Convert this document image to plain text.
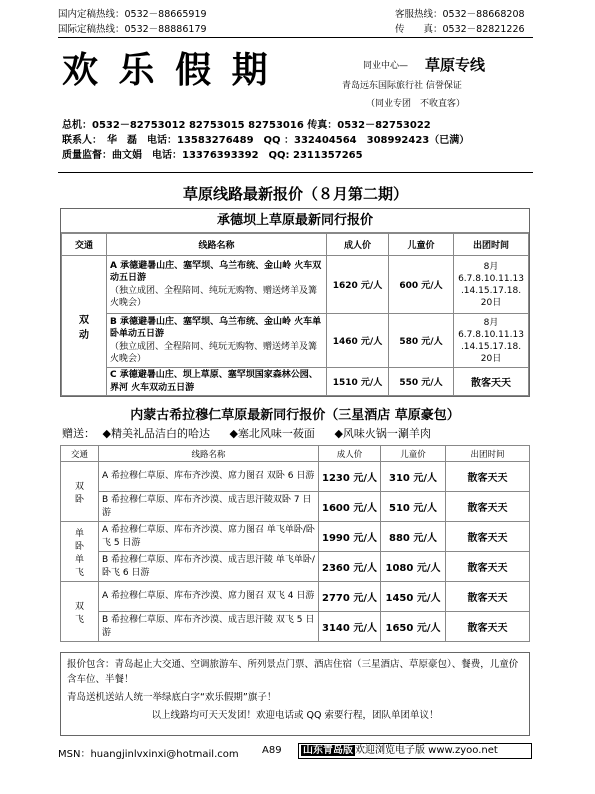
国内定稿热线：0532－88665919
国际定稿热线：0532－88886179
客服热线：0532－88668208
传　　真：0532－82821226
欢 乐 假 期	同业中心— 草原专线
青岛远东国际旅行社 信誉保证
（同业专团　不收直客）
总机：0532－82753012 82753015 82753016 传真：0532－82753022
联系人：　华　磊　电话：13583276489　QQ ：332404564　308992423（已满）
质量监督：曲文娟　电话：13376393392　QQ: 2311357265
草原线路最新报价（８月第二期）
承德坝上草原最新同行报价
交通	线路名称	成人价	儿童价	出团时间
双　动	A 承德避暑山庄、塞罕坝、乌兰布统、金山岭 火车双动五日游
（独立成团、全程陪同、纯玩无购物、赠送烤羊及篝火晚会）	1620 元/人	600 元/人	8月 6.7.8.10.11.13 .14.15.17.18. 20日

	B 承德避暑山庄、塞罕坝、乌兰布统、金山岭 火车单卧单动五日游
（独立成团、全程陪同、纯玩无购物、赠送烤羊及篝火晚会）	1460 元/人	580 元/人	8月 6.7.8.10.11.13 .14.15.17.18. 20日

	C 承德避暑山庄、坝上草原、塞罕坝国家森林公园、界河 火车双动五日游	1510 元/人	550 元/人	散客天天
内蒙古希拉穆仁草原最新同行报价（三星酒店 草原豪包）
赠送： ◆精美礼品洁白的哈达 ◆塞北风味一莜面 ◆风味火锅一涮羊肉
交通	线路名称	成人价	儿童价	出团时间
双卧	A 希拉穆仁草原、库布齐沙漠、席力图召 双卧 6 日游	1230 元/人	310 元/人	散客天天
	B 希拉穆仁草原、库布齐沙漠、成吉思汗陵双卧 7 日游	1600 元/人	510 元/人	散客天天
单卧单飞	A 希拉穆仁草原、库布齐沙漠、席力图召 单飞单卧/卧飞 5 日游	1990 元/人	880 元/人	散客天天
	B 希拉穆仁草原、库布齐沙漠、成吉思汗陵 单飞单卧/卧飞 6 日游	2360 元/人	1080 元/人	散客天天
双飞	A 希拉穆仁草原、库布齐沙漠、席力图召 双飞 4 日游	2770 元/人	1450 元/人	散客天天
	B 希拉穆仁草原、库布齐沙漠、成吉思汗陵 双飞 5 日游	3140 元/人	1650 元/人	散客天天
报价包含：青岛起止大交通、空调旅游车、所列景点门票、酒店住宿（三星酒店、草原豪包）、餐费，儿童价含车位、半餐！
青岛送机送站人统一举绿底白字“欢乐假期”旗子！
以上线路均可天天发团！欢迎电话或 QQ 索要行程，团队单团单议！
MSN：huangjinlvxinxi@hotmail.com A89	山东青岛版 欢迎浏览电子版 www.zyoo.net
